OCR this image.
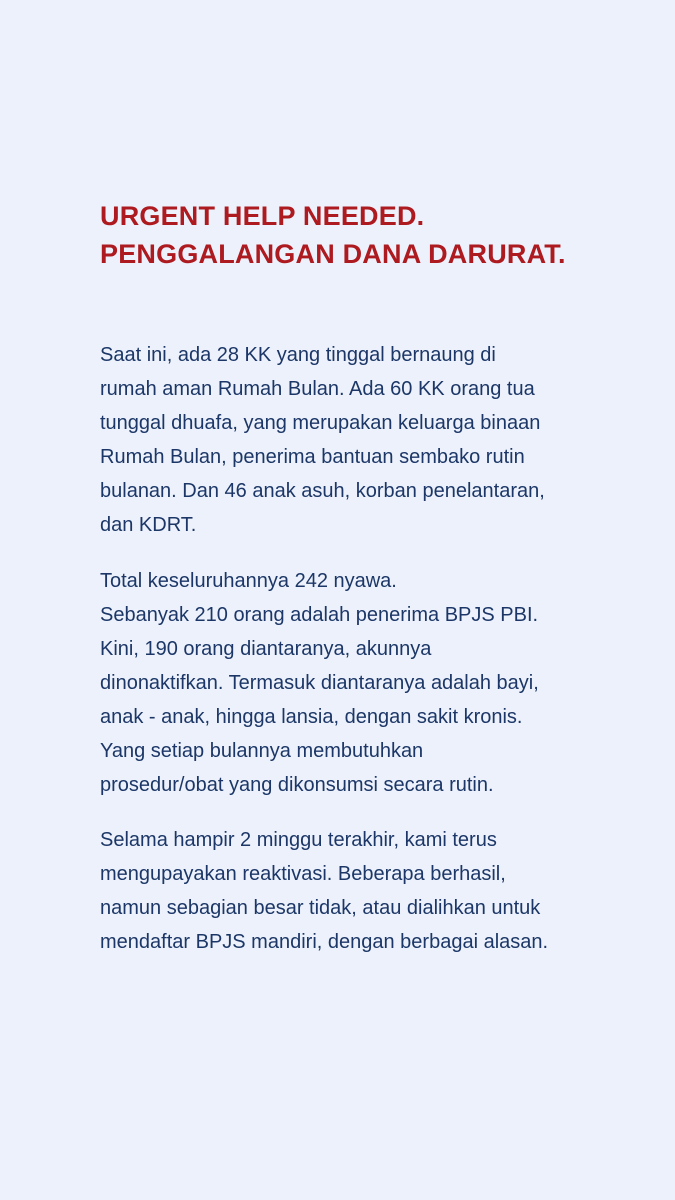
URGENT HELP NEEDED.
PENGGALANGAN DANA DARURAT.

Saat ini, ada 28 KK yang tinggal bernaung di
rumah aman Rumah Bulan. Ada 60 KK orang tua
tunggal dhuafa, yang merupakan keluarga binaan
Rumah Bulan, penerima bantuan sembako rutin
bulanan. Dan 46 anak asuh, korban penelantaran,
dan KDRT.

Total keseluruhannya 242 nyawa.
Sebanyak 210 orang adalah penerima BPJS PBI.
Kini, 190 orang diantaranya, akunnya
dinonaktifkan. Termasuk diantaranya adalah bayi,
anak - anak, hingga lansia, dengan sakit kronis.
Yang setiap bulannya membutuhkan
prosedur/obat yang dikonsumsi secara rutin.

Selama hampir 2 minggu terakhir, kami terus
mengupayakan reaktivasi. Beberapa berhasil,
namun sebagian besar tidak, atau dialihkan untuk
mendaftar BPJS mandiri, dengan berbagai alasan.
